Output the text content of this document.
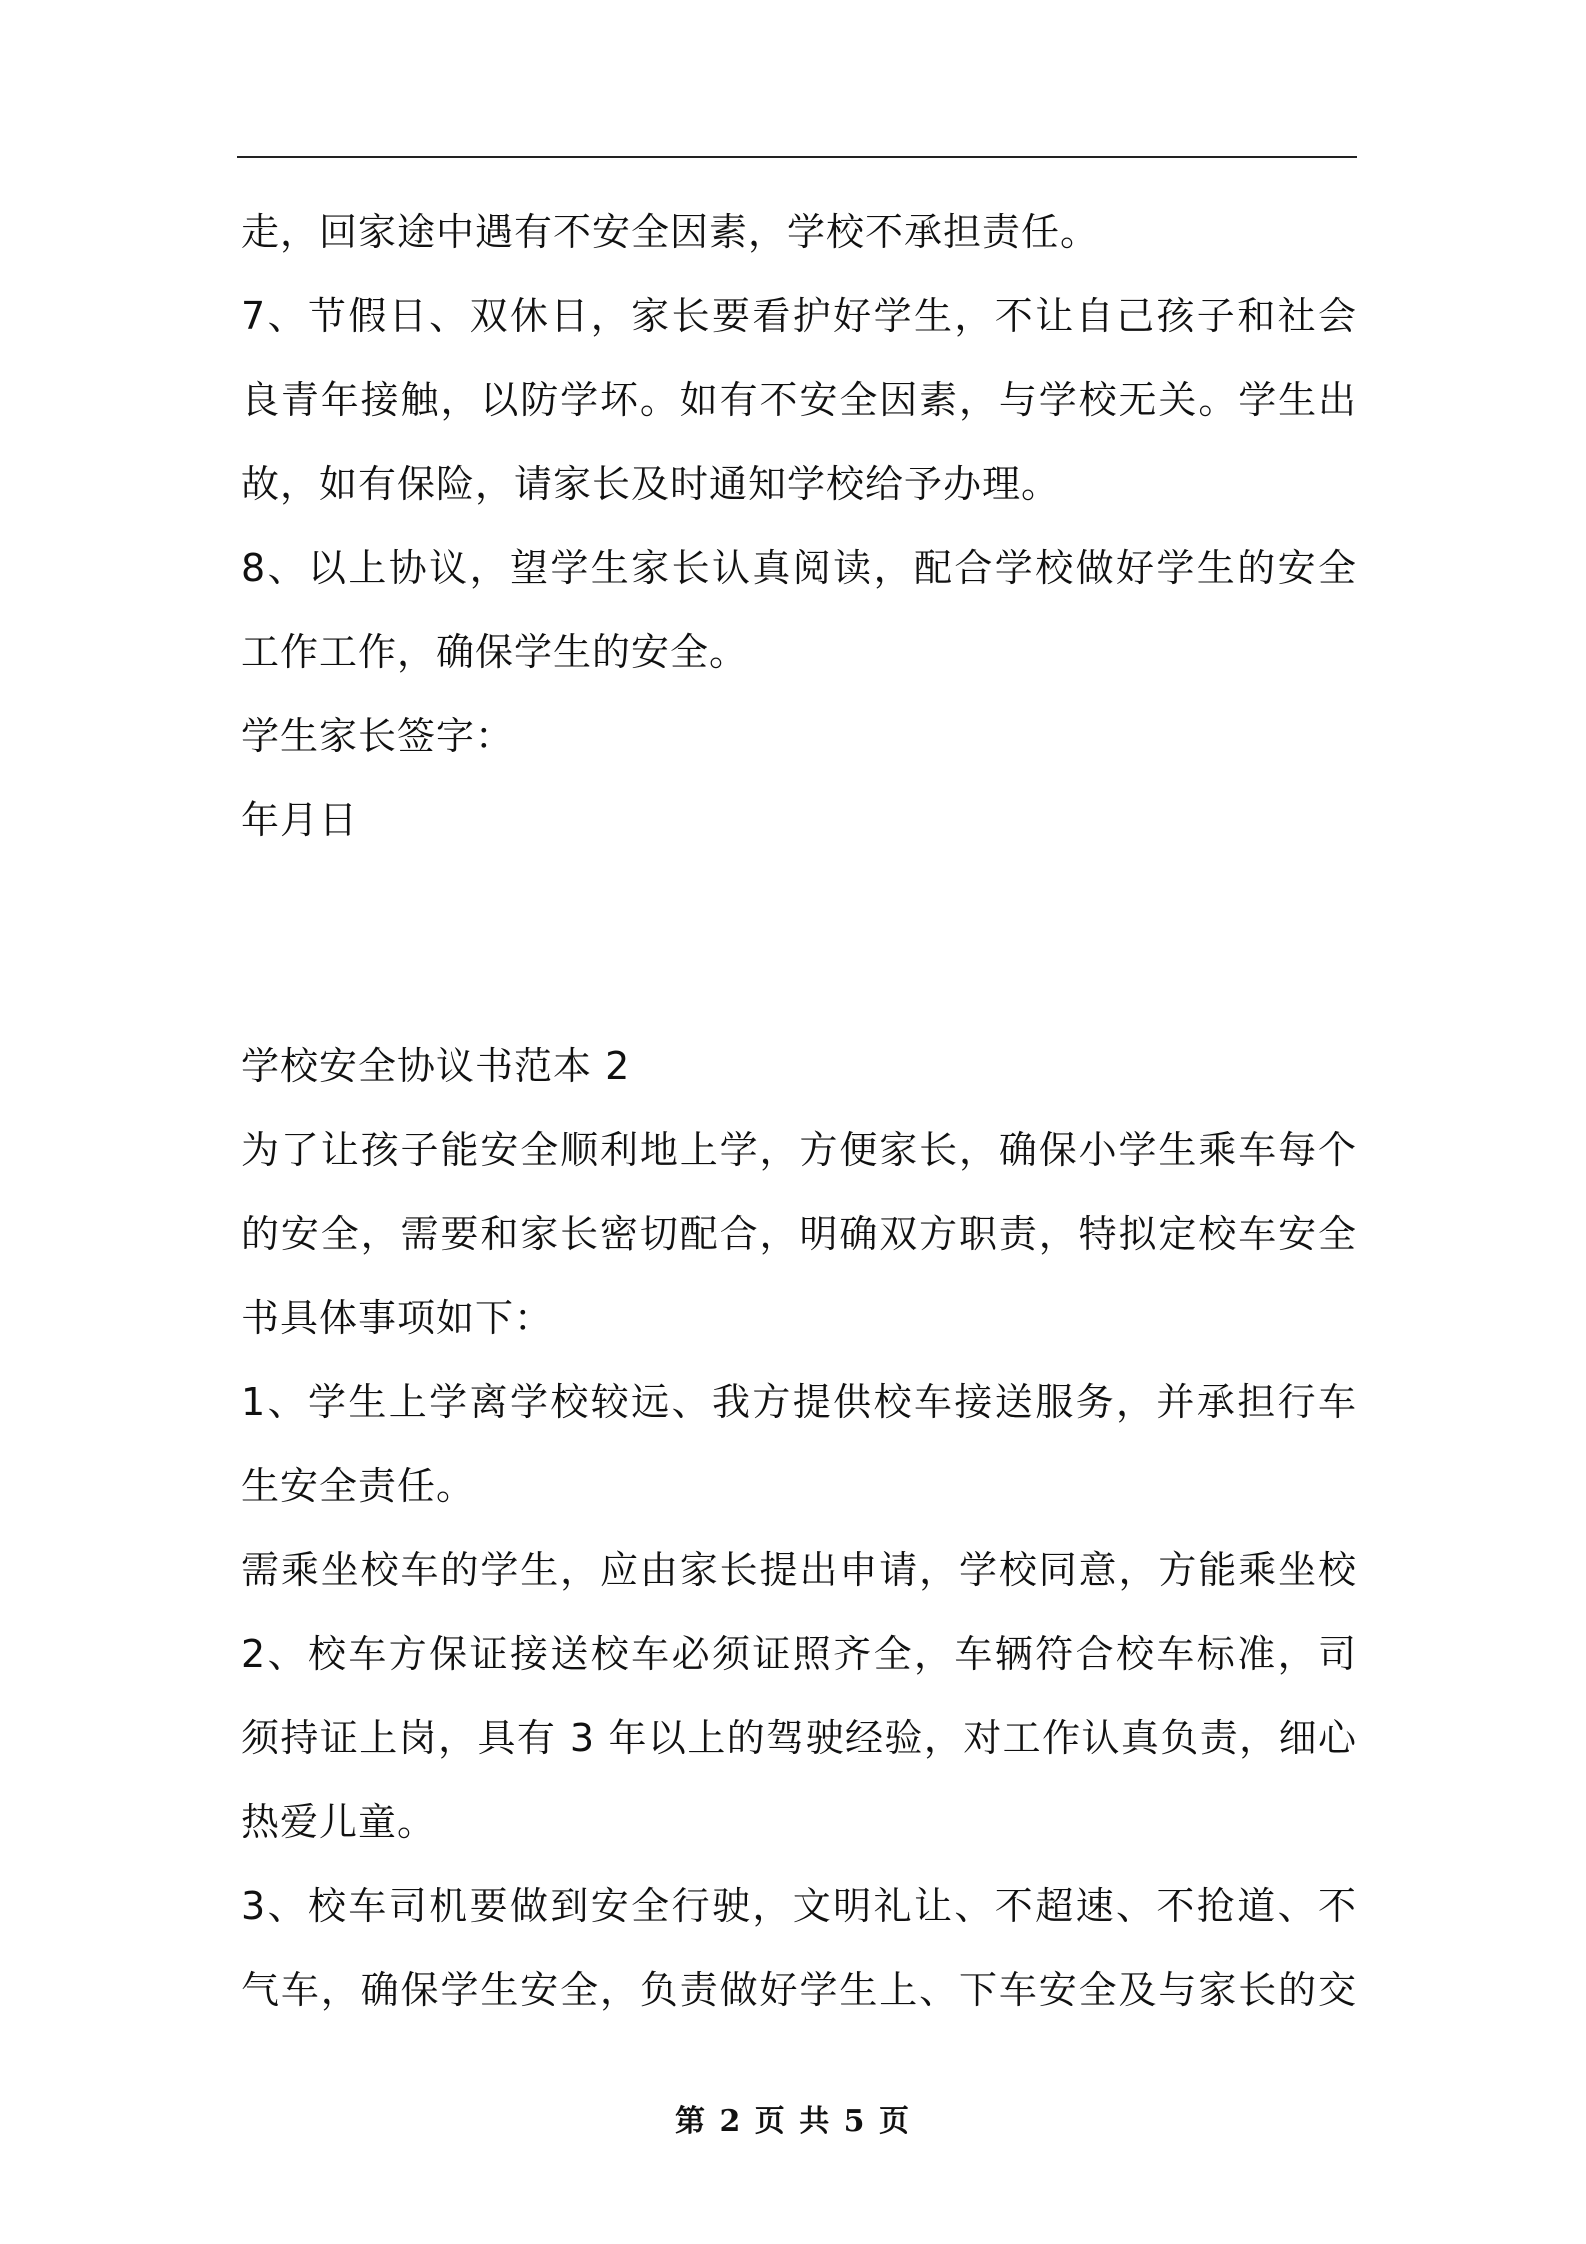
走，回家途中遇有不安全因素，学校不承担责任。
7、节假日、双休日，家长要看护好学生，不让自己孩子和社会
良青年接触，以防学坏。如有不安全因素，与学校无关。学生出
故，如有保险，请家长及时通知学校给予办理。
8、以上协议，望学生家长认真阅读，配合学校做好学生的安全
工作工作，确保学生的安全。
学生家长签字：
年月日
学校安全协议书范本 2
为了让孩子能安全顺利地上学，方便家长，确保小学生乘车每个
的安全，需要和家长密切配合，明确双方职责，特拟定校车安全
书具体事项如下：
1、学生上学离学校较远、我方提供校车接送服务，并承担行车
生安全责任。
需乘坐校车的学生，应由家长提出申请，学校同意，方能乘坐校
2、校车方保证接送校车必须证照齐全，车辆符合校车标准，司
须持证上岗，具有 3 年以上的驾驶经验，对工作认真负责，细心
热爱儿童。
3、校车司机要做到安全行驶，文明礼让、不超速、不抢道、不
气车，确保学生安全，负责做好学生上、下车安全及与家长的交
第 2 页 共 5 页
